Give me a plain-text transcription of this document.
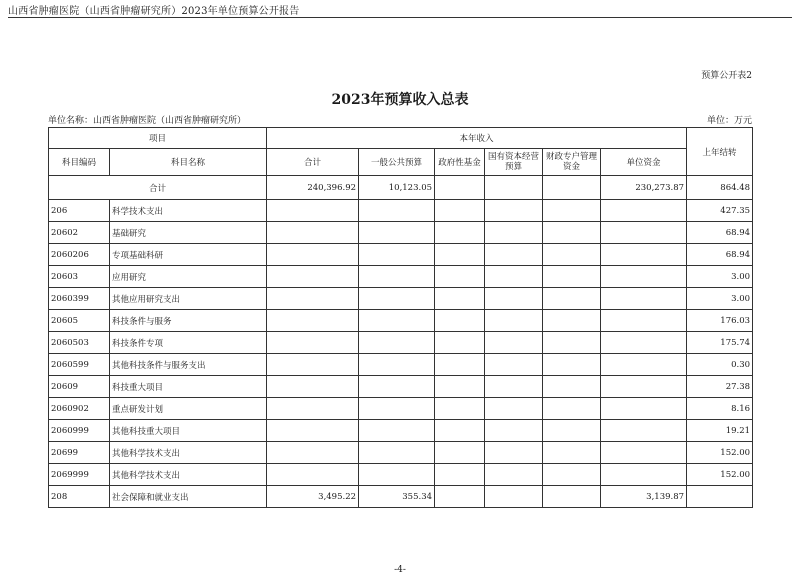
山西省肿瘤医院（山西省肿瘤研究所）2023年单位预算公开报告
预算公开表2
2023年预算收入总表
单位名称：山西省肿瘤医院（山西省肿瘤研究所）	单位：万元
项目		本年收入						上年结转
科目编码	科目名称	合计	一般公共预算	政府性基金	国有资本经营预算	财政专户管理资金	单位资金	
合计		240,396.92	10,123.05				230,273.87	864.48
206	科学技术支出							427.35
20602	基础研究							68.94
2060206	专项基础科研							68.94
20603	应用研究							3.00
2060399	其他应用研究支出							3.00
20605	科技条件与服务							176.03
2060503	科技条件专项							175.74
2060599	其他科技条件与服务支出							0.30
20609	科技重大项目							27.38
2060902	重点研发计划							8.16
2060999	其他科技重大项目							19.21
20699	其他科学技术支出							152.00
2069999	其他科学技术支出							152.00
208	社会保障和就业支出	3,495.22	355.34				3,139.87	
-4-
